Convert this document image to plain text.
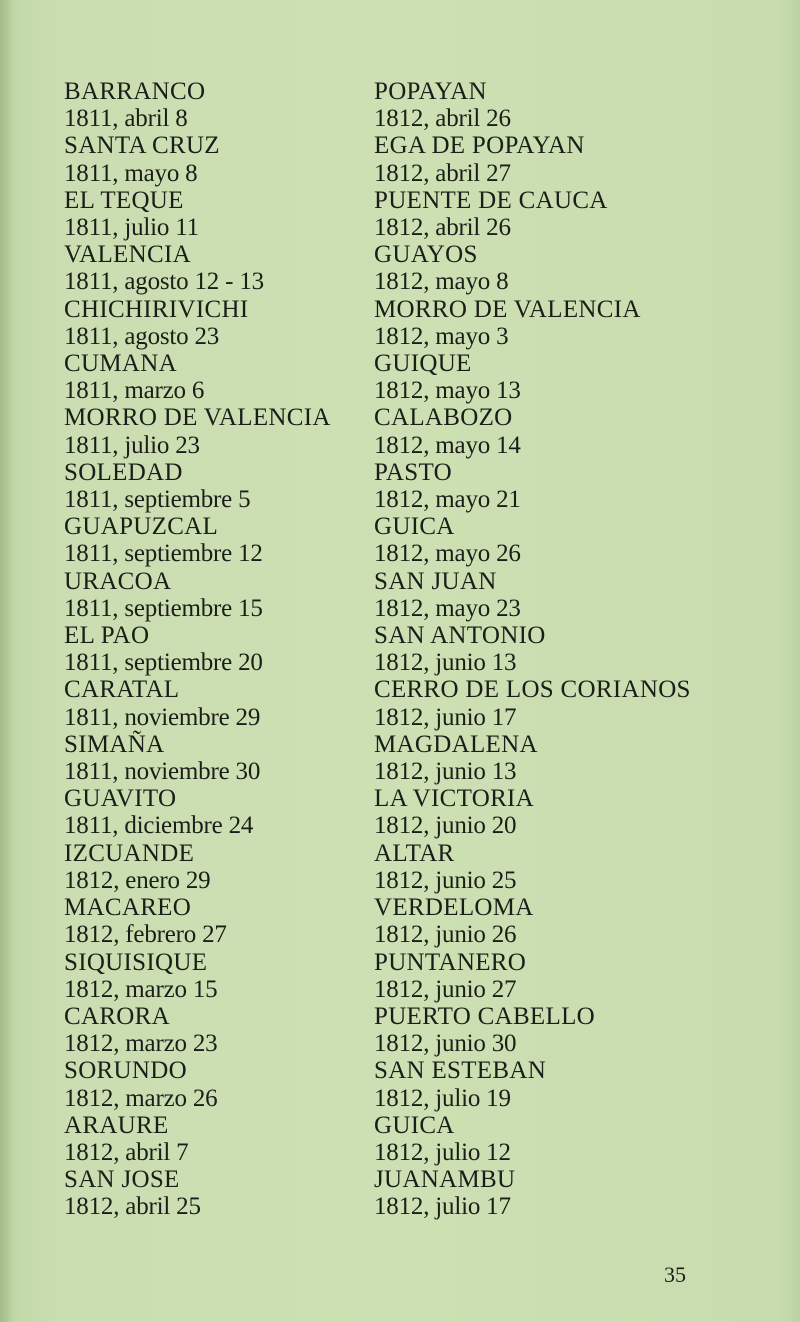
BARRANCO
1811, abril 8
SANTA CRUZ
1811, mayo 8
EL TEQUE
1811, julio 11
VALENCIA
1811, agosto 12 - 13
CHICHIRIVICHI
1811, agosto 23
CUMANA
1811, marzo 6
MORRO DE VALENCIA
1811, julio 23
SOLEDAD
1811, septiembre 5
GUAPUZCAL
1811, septiembre 12
URACOA
1811, septiembre 15
EL PAO
1811, septiembre 20
CARATAL
1811, noviembre 29
SIMAÑA
1811, noviembre 30
GUAVITO
1811, diciembre 24
IZCUANDE
1812, enero 29
MACAREO
1812, febrero 27
SIQUISIQUE
1812, marzo 15
CARORA
1812, marzo 23
SORUNDO
1812, marzo 26
ARAURE
1812, abril 7
SAN JOSE
1812, abril 25
POPAYAN
1812, abril 26
EGA DE POPAYAN
1812, abril 27
PUENTE DE CAUCA
1812, abril 26
GUAYOS
1812, mayo 8
MORRO DE VALENCIA
1812, mayo 3
GUIQUE
1812, mayo 13
CALABOZO
1812, mayo 14
PASTO
1812, mayo 21
GUICA
1812, mayo 26
SAN JUAN
1812, mayo 23
SAN ANTONIO
1812, junio 13
CERRO DE LOS CORIANOS
1812, junio 17
MAGDALENA
1812, junio 13
LA VICTORIA
1812, junio 20
ALTAR
1812, junio 25
VERDELOMA
1812, junio 26
PUNTANERO
1812, junio 27
PUERTO CABELLO
1812, junio 30
SAN ESTEBAN
1812, julio 19
GUICA
1812, julio 12
JUANAMBU
1812, julio 17
35
